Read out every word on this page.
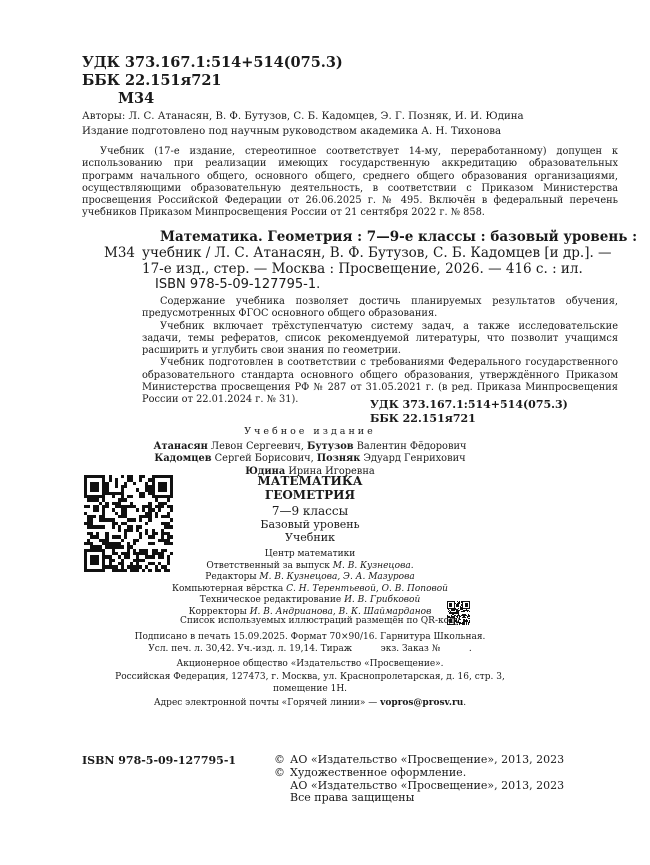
УДК 373.167.1:514+514(075.3)
ББК 22.151я721
М34
Авторы: Л. С. Атанасян, В. Ф. Бутузов, С. Б. Кадомцев, Э. Г. Позняк, И. И. Юдина
Издание подготовлено под научным руководством академика А. Н. Тихонова

Учебник (17-е издание, стереотипное соответствует 14-му, переработанному) допущен к использованию при реализации имеющих государственную аккредитацию образовательных программ начального общего, основного общего, среднего общего образования организациями, осуществляющими образовательную деятельность, в соответствии с Приказом Министерства просвещения Российской Федерации от 26.06.2025 г. № 495. Включён в федеральный перечень учебников Приказом Минпросвещения России от 21 сентября 2022 г. № 858.

Математика. Геометрия : 7—9-е классы : базовый уровень :
М34 учебник / Л. С. Атанасян, В. Ф. Бутузов, С. Б. Кадомцев [и др.]. —
17-е изд., стер. — Москва : Просвещение, 2026. — 416 с. : ил.
ISBN 978-5-09-127795-1.

Содержание учебника позволяет достичь планируемых результатов обучения, предусмотренных ФГОС основного общего образования.

Учебник включает трёхступенчатую систему задач, а также исследовательские задачи, темы рефератов, список рекомендуемой литературы, что позволит учащимся расширить и углубить свои знания по геометрии.

Учебник подготовлен в соответствии с требованиями Федерального государственного образовательного стандарта основного общего образования, утверждённого Приказом Министерства просвещения РФ № 287 от 31.05.2021 г. (в ред. Приказа Минпросвещения России от 22.01.2024 г. № 31).	УДК 373.167.1:514+514(075.3)
ББК 22.151я721
Учебное издание
Атанасян Левон Сергеевич, Бутузов Валентин Фёдорович
Кадомцев Сергей Борисович, Позняк Эдуард Генрихович
Юдина Ирина Игоревна
МАТЕМАТИКА
ГЕОМЕТРИЯ
7—9 классы
Базовый уровень
Учебник
Центр математики
Ответственный за выпуск М. В. Кузнецова.
Редакторы М. В. Кузнецова, Э. А. Мазурова
Компьютерная вёрстка С. Н. Терентьевой, О. В. Поповой
Техническое редактирование И. В. Грибковой
Корректоры И. В. Андрианова, В. К. Шаймарданов
Список используемых иллюстраций размещён по QR-коду
Подписано в печать 15.09.2025. Формат 70×90/16. Гарнитура Школьная.
Усл. печ. л. 30,42. Уч.-изд. л. 19,14. Тираж          экз. Заказ №          .
Акционерное общество «Издательство «Просвещение».
Российская Федерация, 127473, г. Москва, ул. Краснопролетарская, д. 16, стр. 3,
помещение 1Н.
Адрес электронной почты «Горячей линии» — vopros@prosv.ru.
ISBN 978-5-09-127795-1	© АО «Издательство «Просвещение», 2013, 2023
© Художественное оформление.
АО «Издательство «Просвещение», 2013, 2023
Все права защищены
